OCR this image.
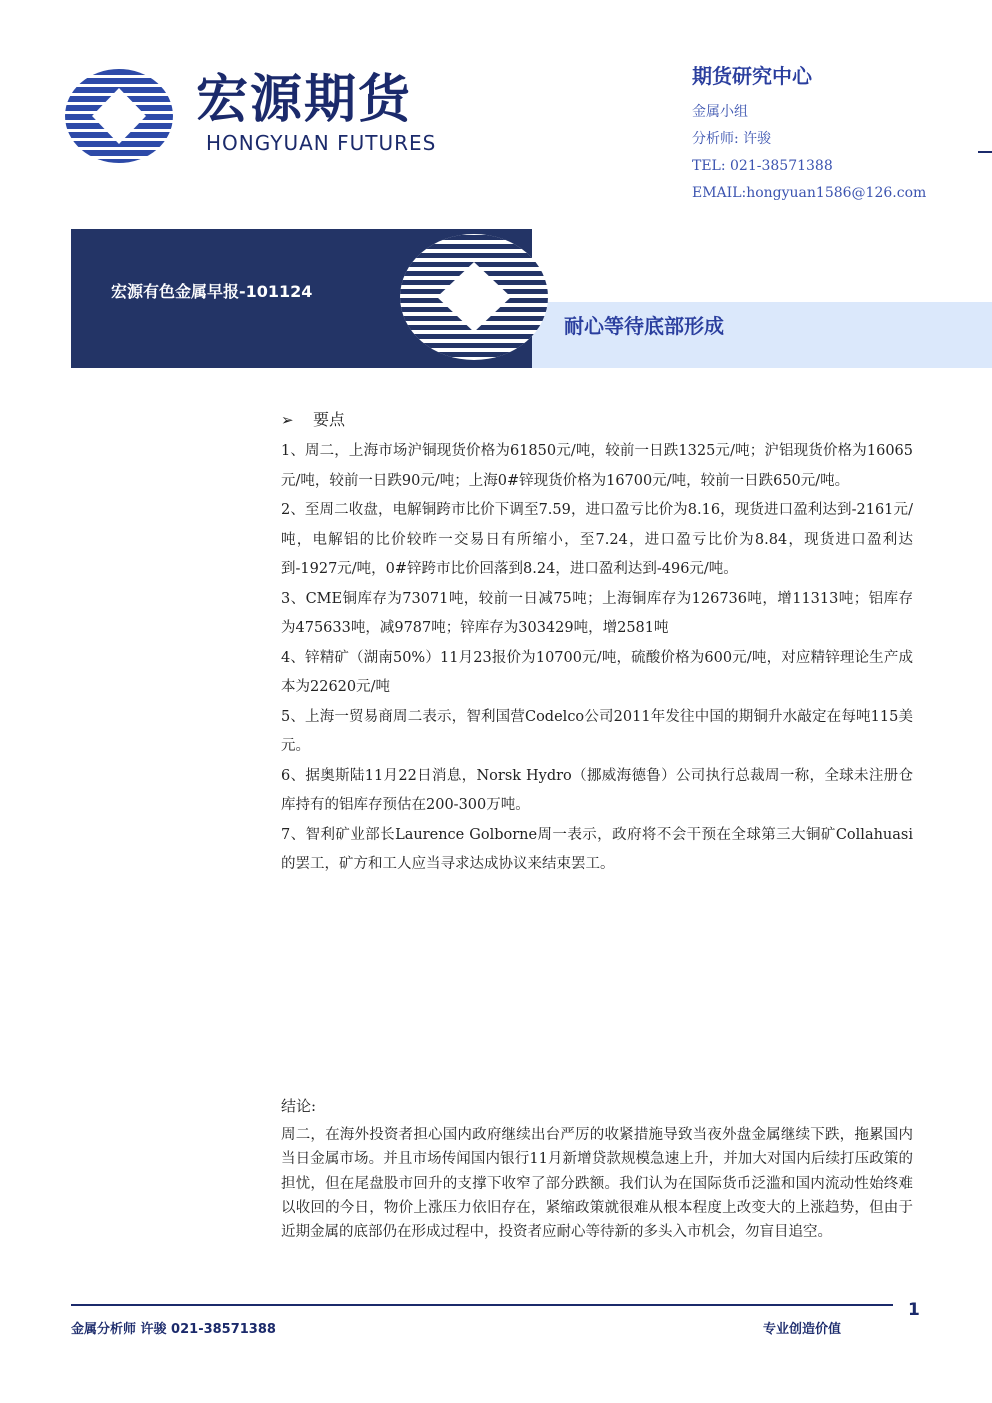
宏源期货
HONGYUAN FUTURES
期货研究中心
金属小组
分析师: 许骏
TEL: 021-38571388
EMAIL:hongyuan1586@126.com
宏源有色金属早报-101124
耐心等待底部形成
➢ 要点

1、周二，上海市场沪铜现货价格为61850元/吨，较前一日跌1325元/吨；沪铝现货价格为16065元/吨，较前一日跌90元/吨；上海0#锌现货价格为16700元/吨，较前一日跌650元/吨。

2、至周二收盘，电解铜跨市比价下调至7.59，进口盈亏比价为8.16，现货进口盈利达到-2161元/吨，电解铝的比价较昨一交易日有所缩小，至7.24，进口盈亏比价为8.84，现货进口盈利达到-1927元/吨，0#锌跨市比价回落到8.24，进口盈利达到-496元/吨。

3、CME铜库存为73071吨，较前一日减75吨；上海铜库存为126736吨，增11313吨；铝库存为475633吨，减9787吨；锌库存为303429吨，增2581吨

4、锌精矿（湖南50%）11月23报价为10700元/吨，硫酸价格为600元/吨，对应精锌理论生产成本为22620元/吨

5、上海一贸易商周二表示，智利国营Codelco公司2011年发往中国的期铜升水敲定在每吨115美元。

6、据奥斯陆11月22日消息，Norsk Hydro（挪威海德鲁）公司执行总裁周一称，全球未注册仓库持有的铝库存预估在200-300万吨。

7、智利矿业部长Laurence Golborne周一表示，政府将不会干预在全球第三大铜矿Collahuasi的罢工，矿方和工人应当寻求达成协议来结束罢工。

结论:

周二，在海外投资者担心国内政府继续出台严厉的收紧措施导致当夜外盘金属继续下跌，拖累国内当日金属市场。并且市场传闻国内银行11月新增贷款规模急速上升，并加大对国内后续打压政策的担忧，但在尾盘股市回升的支撑下收窄了部分跌额。我们认为在国际货币泛滥和国内流动性始终难以收回的今日，物价上涨压力依旧存在，紧缩政策就很难从根本程度上改变大的上涨趋势，但由于近期金属的底部仍在形成过程中，投资者应耐心等待新的多头入市机会，勿盲目追空。

1
金属分析师 许骏 021-38571388	专业创造价值
